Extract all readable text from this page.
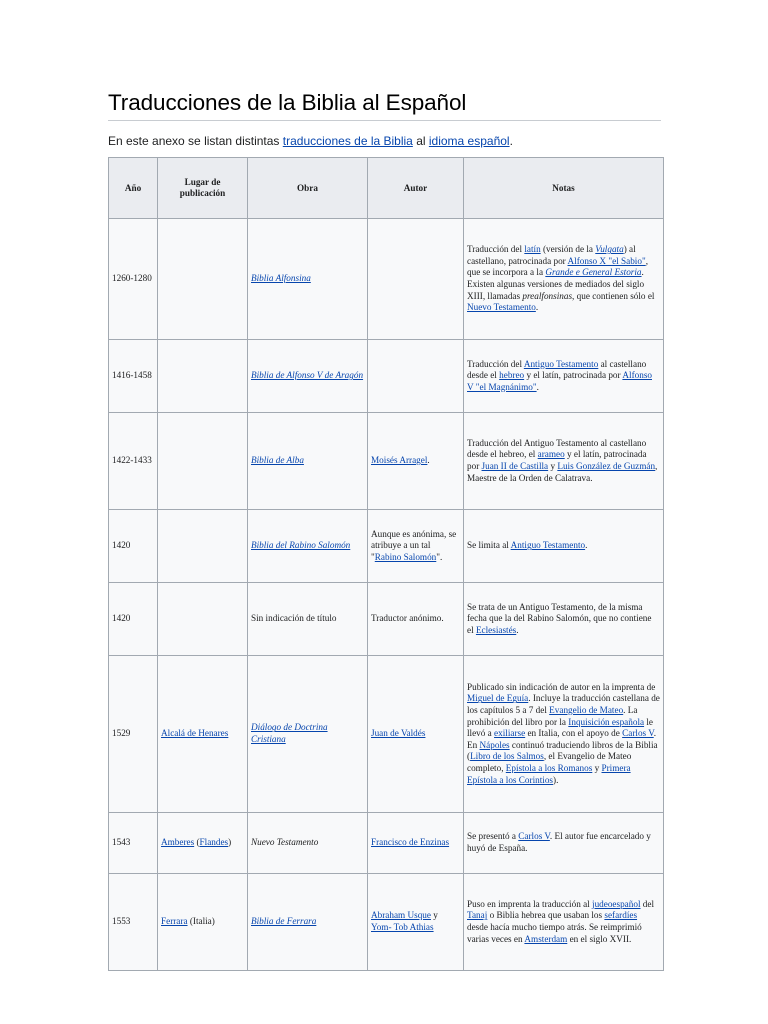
Traducciones de la Biblia al Español

En este anexo se listan distintas traducciones de la Biblia al idioma español.

Año	Lugar de publicación	Obra	Autor	Notas
1260-1280		Biblia Alfonsina		Traducción del latín (versión de la Vulgata) al castellano, patrocinada por Alfonso X "el Sabio", que se incorpora a la Grande e General Estoria. Existen algunas versiones de mediados del siglo XIII, llamadas prealfonsinas, que contienen sólo el Nuevo Testamento.
1416-1458		Biblia de Alfonso V de Aragón		Traducción del Antiguo Testamento al castellano desde el hebreo y el latín, patrocinada por Alfonso V "el Magnánimo".
1422-1433		Biblia de Alba	Moisés Arragel.	Traducción del Antiguo Testamento al castellano desde el hebreo, el arameo y el latín, patrocinada por Juan II de Castilla y Luis González de Guzmán, Maestre de la Orden de Calatrava.
1420		Biblia del Rabino Salomón	Aunque es anónima, se atribuye a un tal "Rabino Salomón".	Se limita al Antiguo Testamento.
1420		Sin indicación de título	Traductor anónimo.	Se trata de un Antiguo Testamento, de la misma fecha que la del Rabino Salomón, que no contiene el Eclesiastés.
1529	Alcalá de Henares	Diálogo de Doctrina Cristiana	Juan de Valdés	Publicado sin indicación de autor en la imprenta de Miguel de Eguía. Incluye la traducción castellana de los capítulos 5 a 7 del Evangelio de Mateo. La prohibición del libro por la Inquisición española le llevó a exiliarse en Italia, con el apoyo de Carlos V. En Nápoles continuó traduciendo libros de la Biblia (Libro de los Salmos, el Evangelio de Mateo completo, Epístola a los Romanos y Primera Epístola a los Corintios).
1543	Amberes (Flandes)	Nuevo Testamento	Francisco de Enzinas	Se presentó a Carlos V. El autor fue encarcelado y huyó de España.
1553	Ferrara (Italia)	Biblia de Ferrara	Abraham Usque y Yom- Tob Athias	Puso en imprenta la traducción al judeoespañol del Tanaj o Biblia hebrea que usaban los sefardíes desde hacía mucho tiempo atrás. Se reimprimió varias veces en Amsterdam en el siglo XVII.
